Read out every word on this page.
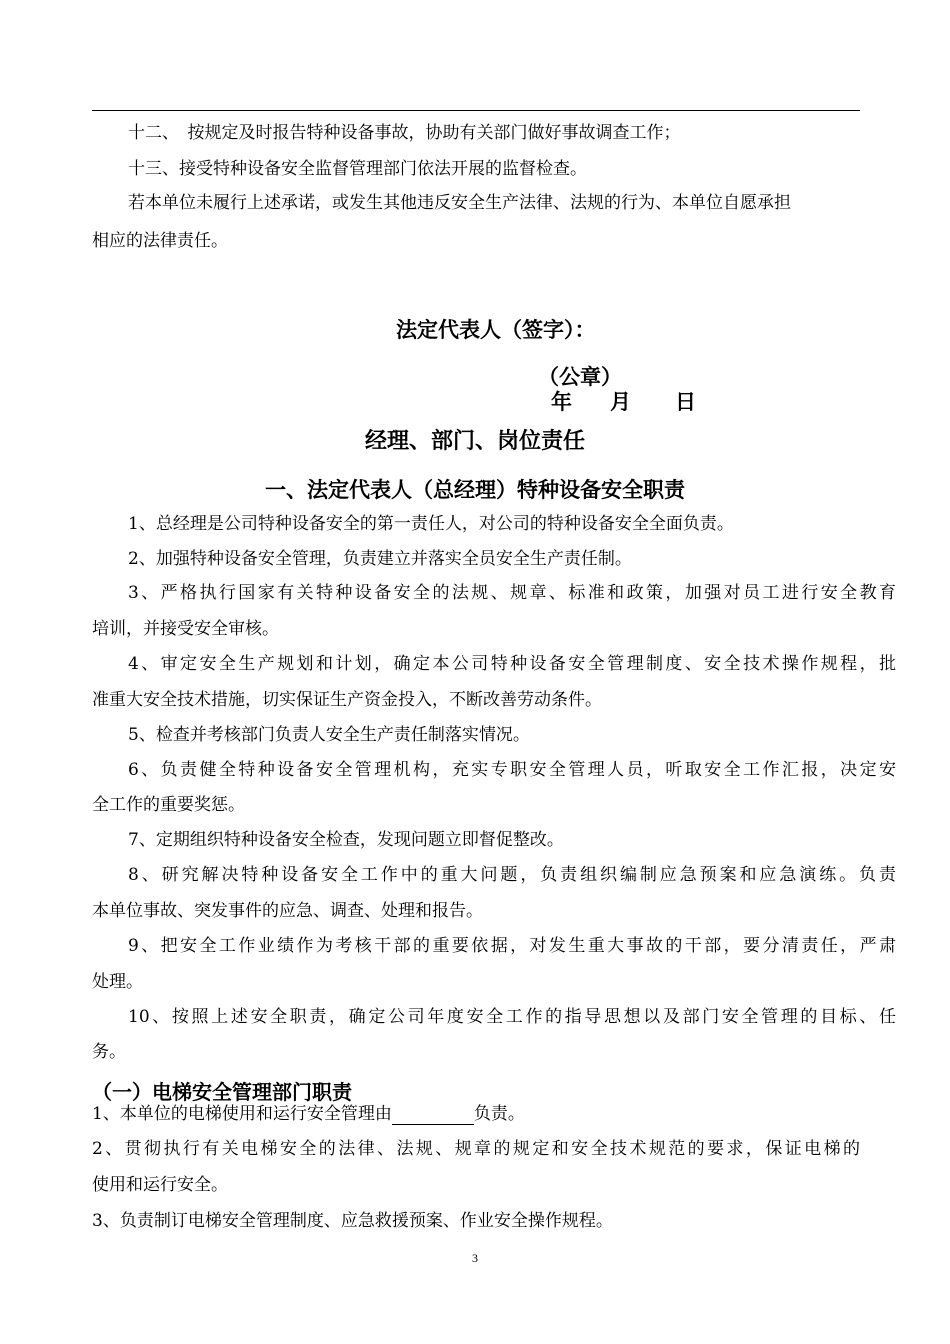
十二、　按规定及时报告特种设备事故，协助有关部门做好事故调查工作；
十三、接受特种设备安全监督管理部门依法开展的监督检查。
若本单位未履行上述承诺，或发生其他违反安全生产法律、法规的行为、本单位自愿承担
相应的法律责任。
法定代表人（签字）：
（公章）
年 月 日
经理、部门、岗位责任
一、法定代表人（总经理）特种设备安全职责
1、总经理是公司特种设备安全的第一责任人，对公司的特种设备安全全面负责。
2、加强特种设备安全管理，负责建立并落实全员安全生产责任制。
3、严格执行国家有关特种设备安全的法规、规章、标准和政策，加强对员工进行安全教育
培训，并接受安全审核。
4、审定安全生产规划和计划，确定本公司特种设备安全管理制度、安全技术操作规程，批
准重大安全技术措施，切实保证生产资金投入，不断改善劳动条件。
5、检查并考核部门负责人安全生产责任制落实情况。
6、负责健全特种设备安全管理机构，充实专职安全管理人员，听取安全工作汇报，决定安
全工作的重要奖惩。
7、定期组织特种设备安全检查，发现问题立即督促整改。
8、研究解决特种设备安全工作中的重大问题，负责组织编制应急预案和应急演练。负责
本单位事故、突发事件的应急、调查、处理和报告。
9、把安全工作业绩作为考核干部的重要依据，对发生重大事故的干部，要分清责任，严肃
处理。
10、按照上述安全职责，确定公司年度安全工作的指导思想以及部门安全管理的目标、任
务。
（一）电梯安全管理部门职责
1、本单位的电梯使用和运行安全管理由	负责。
2、贯彻执行有关电梯安全的法律、法规、规章的规定和安全技术规范的要求，保证电梯的
使用和运行安全。
3、负责制订电梯安全管理制度、应急救援预案、作业安全操作规程。
3
